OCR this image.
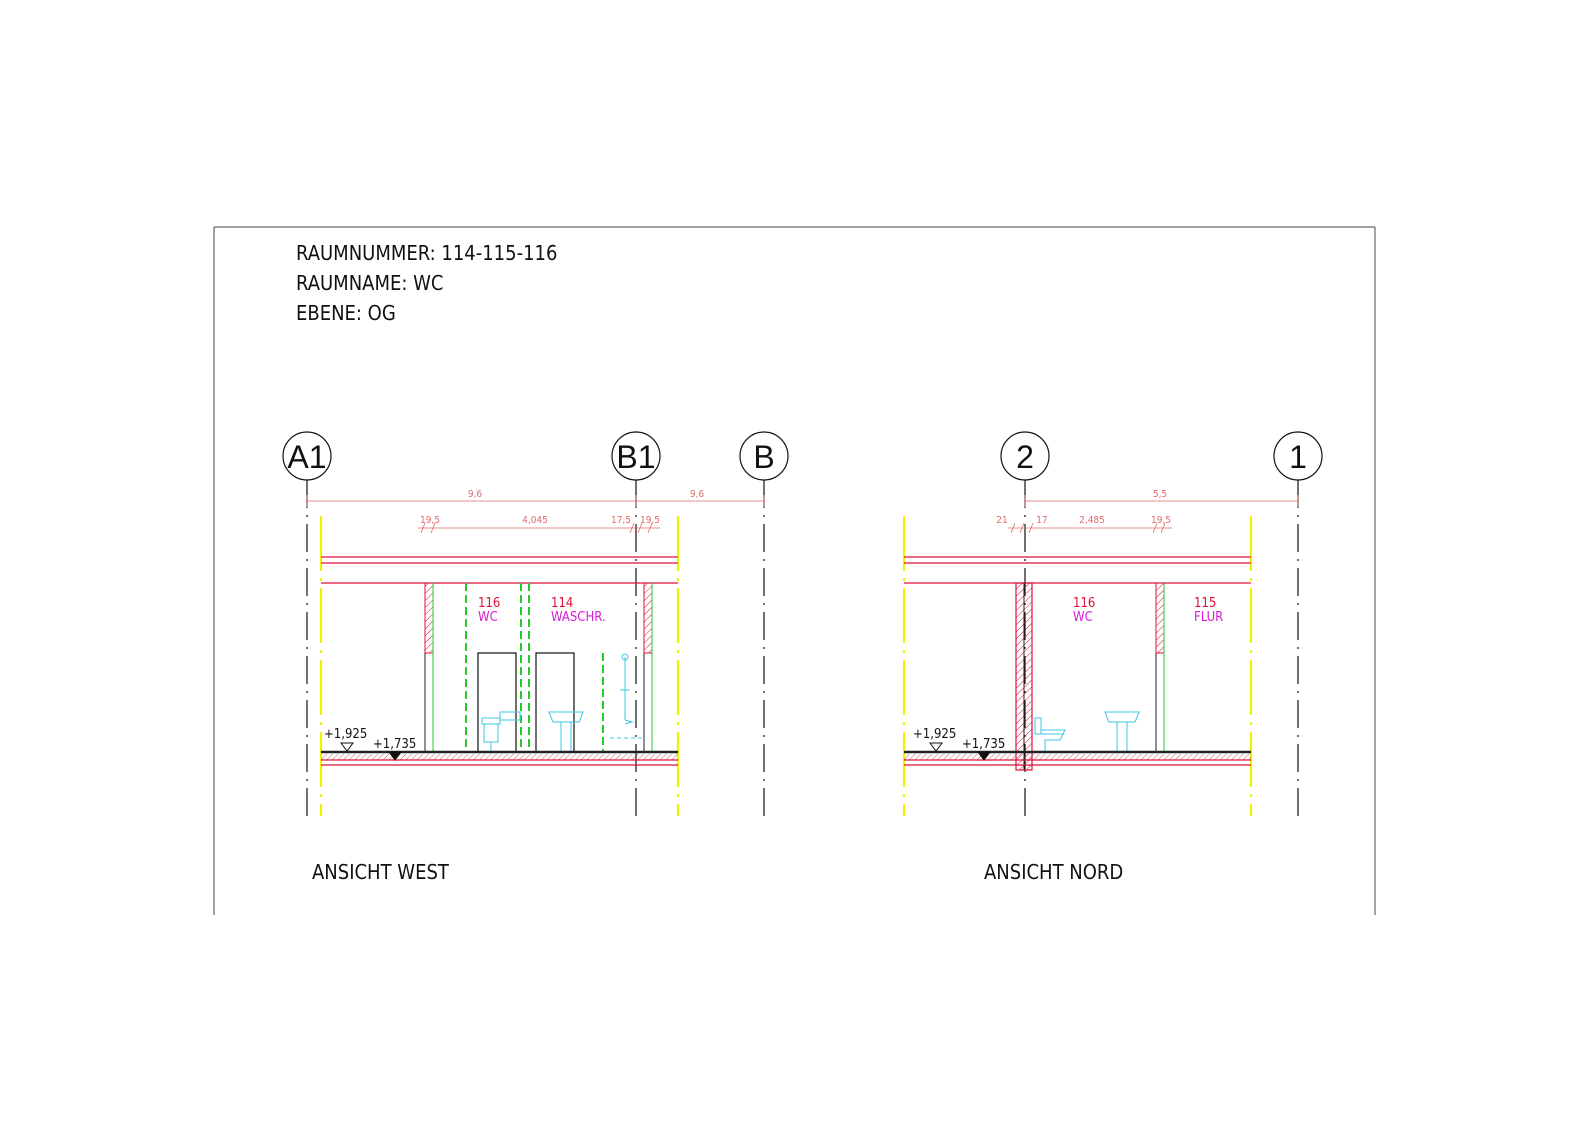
RAUMNUMMER: 114-115-116
RAUMNAME: WC
EBENE: OG
A1	B1	B
9,6	9,6
19,5	4,045	17,5 19,5
116
WC
114
WASCHR.
+1,925
+1,735
ANSICHT WEST
2	1
5,5
21	17	2,485	19,5
116
WC
115
FLUR
+1,925
+1,735
ANSICHT NORD
